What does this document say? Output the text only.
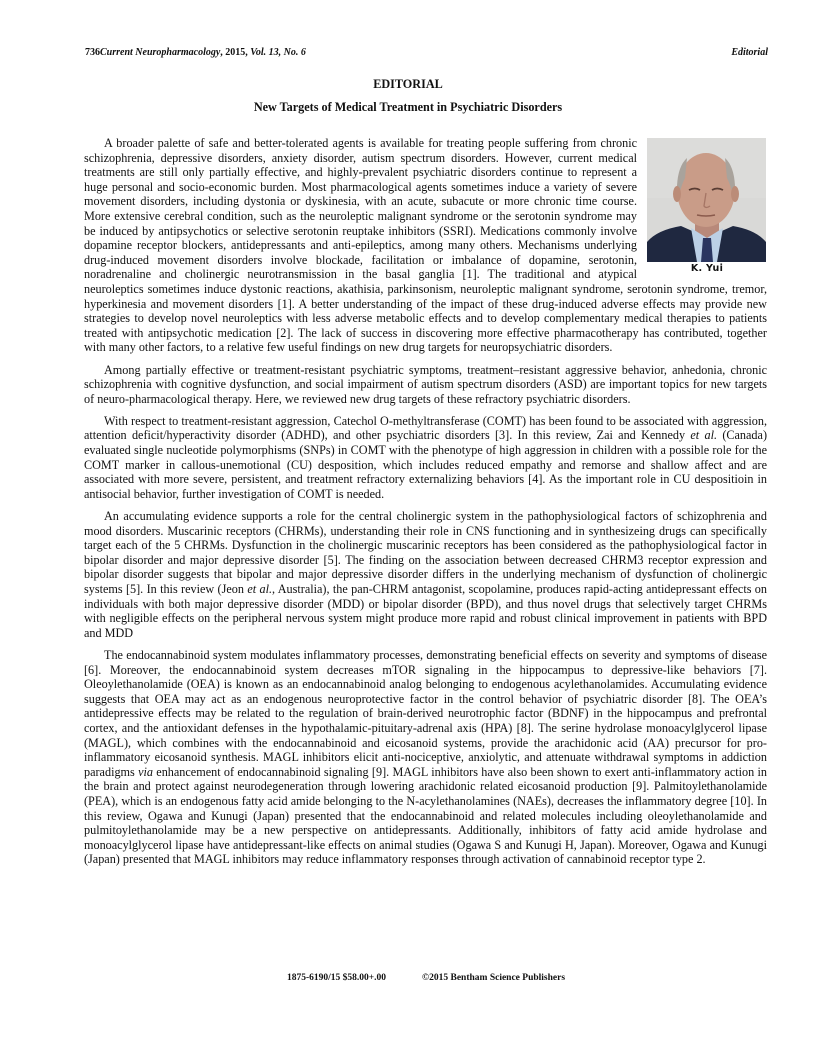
736Current Neuropharmacology, 2015, Vol. 13, No. 6	Editorial
EDITORIAL
New Targets of Medical Treatment in Psychiatric Disorders
K. Yui

A broader palette of safe and better-tolerated agents is available for treating people suffering from chronic schizophrenia, depressive disorders, anxiety disorder, autism spectrum disorders. However, current medical treatments are still only partially effective, and highly-prevalent psychiatric disorders continue to represent a huge personal and socio-economic burden. Most pharmacological agents sometimes induce a variety of severe movement disorders, including dystonia or dyskinesia, with an acute, subacute or more chronic time course. More extensive cerebral condition, such as the neuroleptic malignant syndrome or the serotonin syndrome may be induced by antipsychotics or selective serotonin reuptake inhibitors (SSRI). Medications commonly involve dopamine receptor blockers, antidepressants and anti-epileptics, among many others. Mechanisms underlying drug-induced movement disorders involve blockade, facilitation or imbalance of dopamine, serotonin, noradrenaline and cholinergic neurotransmission in the basal ganglia [1]. The traditional and atypical neuroleptics sometimes induce dystonic reactions, akathisia, parkinsonism, neuroleptic malignant syndrome, serotonin syndrome, tremor, hyperkinesia and movement disorders [1]. A better understanding of the impact of these drug-induced adverse effects may provide new strategies to develop novel neuroleptics with less adverse metabolic effects and to develop complementary medical therapies to patients treated with antipsychotic medication [2]. The lack of success in discovering more effective pharmacotherapy has contributed, together with many other factors, to a relative few useful findings on new drug targets for neuropsychiatric disorders.

Among partially effective or treatment-resistant psychiatric symptoms, treatment–resistant aggressive behavior, anhedonia, chronic schizophrenia with cognitive dysfunction, and social impairment of autism spectrum disorders (ASD) are important topics for new targets of neuro-pharmacological therapy. Here, we reviewed new drug targets of these refractory psychiatric disorders.

With respect to treatment-resistant aggression, Catechol O-methyltransferase (COMT) has been found to be associated with aggression, attention deficit/hyperactivity disorder (ADHD), and other psychiatric disorders [3]. In this review, Zai and Kennedy et al. (Canada) evaluated single nucleotide polymorphisms (SNPs) in COMT with the phenotype of high aggression in children with a possible role for the COMT marker in callous-unemotional (CU) desposition, which includes reduced empathy and remorse and shallow affect and are associated with more severe, persistent, and treatment refractory externalizing behaviors [4]. As the important role in CU despositioin in antisocial behavior, further investigation of COMT is needed.

An accumulating evidence supports a role for the central cholinergic system in the pathophysiological factors of schizophrenia and mood disorders. Muscarinic receptors (CHRMs), understanding their role in CNS functioning and in synthesizeing drugs can specifically target each of the 5 CHRMs. Dysfunction in the cholinergic muscarinic receptors has been considered as the pathophysiological factor in bipolar disorder and major depressive disorder [5]. The finding on the association between decreased CHRM3 receptor expression and bipolar disorder suggests that bipolar and major depressive disorder differs in the underlying mechanism of dysfunction of cholinergic systems [5]. In this review (Jeon et al., Australia), the pan-CHRM antagonist, scopolamine, produces rapid-acting antidepressant effects on individuals with both major depressive disorder (MDD) or bipolar disorder (BPD), and thus novel drugs that selectively target CHRMs with negligible effects on the peripheral nervous system might produce more rapid and robust clinical improvement in patients with BPD and MDD

The endocannabinoid system modulates inflammatory processes, demonstrating beneficial effects on severity and symptoms of disease [6]. Moreover, the endocannabinoid system decreases mTOR signaling in the hippocampus to depressive-like behaviors [7]. Oleoylethanolamide (OEA) is known as an endocannabinoid analog belonging to endogenous acylethanolamides. Accumulating evidence suggests that OEA may act as an endogenous neuroprotective factor in the control behavior of psychiatric disorder [8]. The OEA’s antidepressive effects may be related to the regulation of brain-derived neurotrophic factor (BDNF) in the hippocampus and prefrontal cortex, and the antioxidant defenses in the hypothalamic-pituitary-adrenal axis (HPA) [8]. The serine hydrolase monoacylglycerol lipase (MAGL), which combines with the endocannabinoid and eicosanoid systems, provide the arachidonic acid (AA) precursor for pro-inflammatory eicosanoid synthesis. MAGL inhibitors elicit anti-nociceptive, anxiolytic, and attenuate withdrawal symptoms in addiction paradigms via enhancement of endocannabinoid signaling [9]. MAGL inhibitors have also been shown to exert anti-inflammatory action in the brain and protect against neurodegeneration through lowering arachidonic related eicosanoid production [9]. Palmitoylethanolamide (PEA), which is an endogenous fatty acid amide belonging to the N-acylethanolamines (NAEs), decreases the inflammatory degree [10]. In this review, Ogawa and Kunugi (Japan) presented that the endocannabinoid and related molecules including oleoylethanolamide and pulmitoylethanolamide may be a new perspective on antidepressants. Additionally, inhibitors of fatty acid amide hydrolase and monoacylglycerol lipase have antidepressant-like effects on animal studies (Ogawa S and Kunugi H, Japan). Moreover, Ogawa and Kunugi (Japan) presented that MAGL inhibitors may reduce inflammatory responses through activation of cannabinoid receptor type 2.

1875-6190/15 $58.00+.00	©2015 Bentham Science Publishers
